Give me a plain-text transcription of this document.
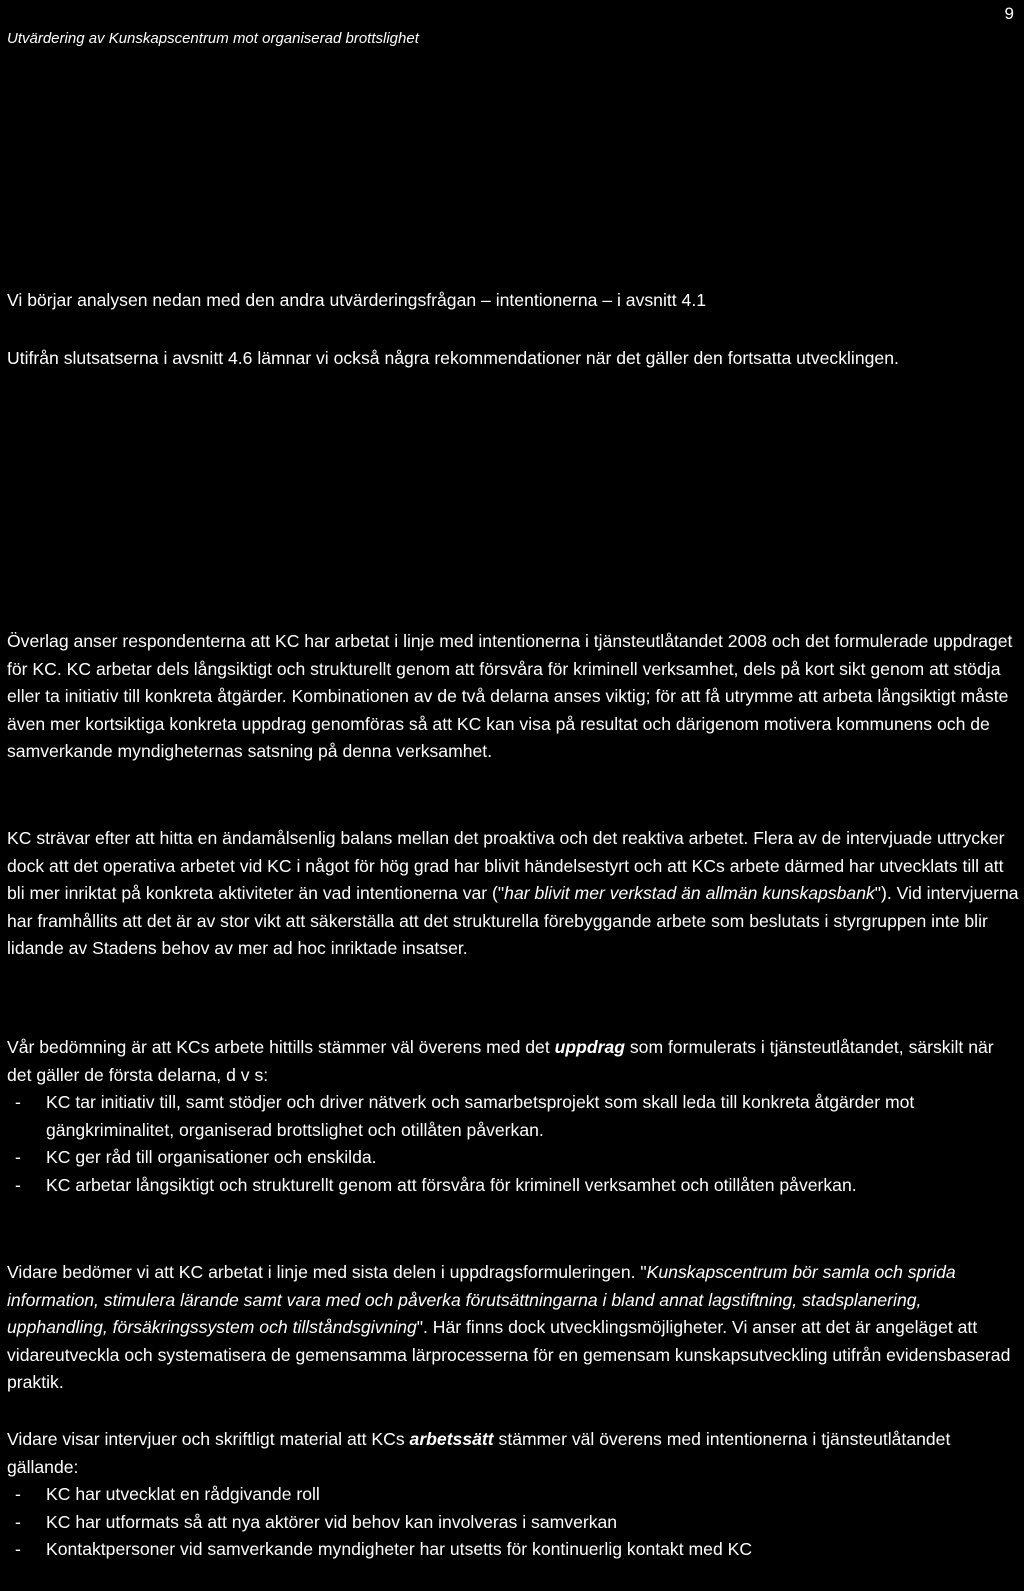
Utvärdering av Kunskapscentrum mot organiserad brottslighet
9

Vi börjar analysen nedan med den andra utvärderingsfrågan – intentionerna – i avsnitt 4.1

Utifrån slutsatserna i avsnitt 4.6 lämnar vi också några rekommendationer när det gäller den fortsatta utvecklingen.

Överlag anser respondenterna att KC har arbetat i linje med intentionerna i tjänsteutlåtandet 2008 och det formulerade uppdraget för KC. KC arbetar dels långsiktigt och strukturellt genom att försvåra för kriminell verksamhet, dels på kort sikt genom att stödja eller ta initiativ till konkreta åtgärder. Kombinationen av de två delarna anses viktig; för att få utrymme att arbeta långsiktigt måste även mer kortsiktiga konkreta uppdrag genomföras så att KC kan visa på resultat och därigenom motivera kommunens och de samverkande myndigheternas satsning på denna verksamhet.

KC strävar efter att hitta en ändamålsenlig balans mellan det proaktiva och det reaktiva arbetet. Flera av de intervjuade uttrycker dock att det operativa arbetet vid KC i något för hög grad har blivit händelsestyrt och att KCs arbete därmed har utvecklats till att bli mer inriktat på konkreta aktiviteter än vad intentionerna var ("har blivit mer verkstad än allmän kunskapsbank"). Vid intervjuerna har framhållits att det är av stor vikt att säkerställa att det strukturella förebyggande arbete som beslutats i styrgruppen inte blir lidande av Stadens behov av mer ad hoc inriktade insatser.

Vår bedömning är att KCs arbete hittills stämmer väl överens med det uppdrag som formulerats i tjänsteutlåtandet, särskilt när det gäller de första delarna, d v s:

- KC tar initiativ till, samt stödjer och driver nätverk och samarbetsprojekt som skall leda till konkreta åtgärder mot gängkriminalitet, organiserad brottslighet och otillåten påverkan.
- KC ger råd till organisationer och enskilda.
- KC arbetar långsiktigt och strukturellt genom att försvåra för kriminell verksamhet och otillåten påverkan.

Vidare bedömer vi att KC arbetat i linje med sista delen i uppdragsformuleringen. "Kunskapscentrum bör samla och sprida information, stimulera lärande samt vara med och påverka förutsättningarna i bland annat lagstiftning, stadsplanering, upphandling, försäkringssystem och tillståndsgivning". Här finns dock utvecklingsmöjligheter. Vi anser att det är angeläget att vidareutveckla och systematisera de gemensamma lärprocesserna för en gemensam kunskapsutveckling utifrån evidensbaserad praktik.

Vidare visar intervjuer och skriftligt material att KCs arbetssätt stämmer väl överens med intentionerna i tjänsteutlåtandet gällande:

- KC har utvecklat en rådgivande roll
- KC har utformats så att nya aktörer vid behov kan involveras i samverkan
- Kontaktpersoner vid samverkande myndigheter har utsetts för kontinuerlig kontakt med KC
